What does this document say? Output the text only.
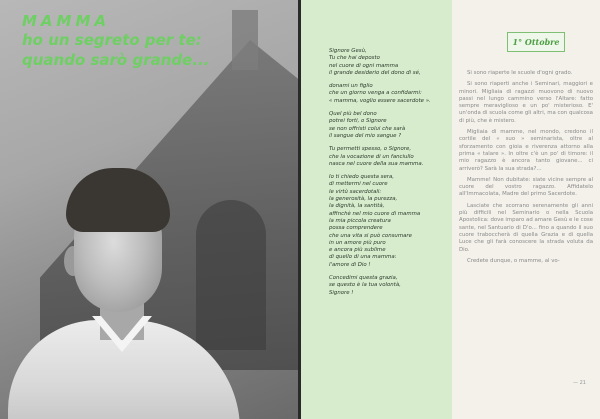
MAMMA
ho un segreto per te:
quando sarò grande...	Signore Gesù,
Tu che hai deposto
nel cuore di ogni mamma
il grande desiderio del dono di sé,

donami un figlio
che un giorno venga a confidarmi:
« mamma, voglio essere sacerdote ».

Quel più bel dono
potrei forti, o Signore
se non offristi colui che sarà
il sangue del mio sangue ?

Tu permetti spesso, o Signore,
che la vocazione di un fanciullo
nasca nel cuore della sua mamma.

Io ti chiedo questa sera,
di mettermi nel cuore
le virtù sacerdotali:
la generosità, la purezza,
la dignità, la santità,
affinchè nel mio cuore di mamma
la mia piccola creatura
possa comprendere
che una vita si può consumare
in un amore più puro
e ancora più sublime
di quello di una mamma:
l'amore di Dio !

Concedimi questa grazia,
se questo è la tua volontà,
Signore !

1° Ottobre

Si sono riaperte le scuole d'ogni grado.

Si sono riaperti anche i Seminari, maggiori e minori. Migliaia di ragazzi muovono di nuovo passi nel lungo cammino verso l'Altare: fatto sempre meraviglioso e un po' misterioso. E' un'onda di scuola come gli altri, ma con qualcosa di più, che è mistero.

Migliaia di mamme, nel mondo, credono il cortile del « suo » seminarista, oltre al sforzamento con gioia e riverenza attorno alla prima « talare ». In oltre c'è un po' di timore: il mio ragazzo è ancora tanto giovane... ci arriverò? Sarà la sua strada?...

Mamme! Non dubitate: siate vicine sempre al cuore del vostro ragazzo. Affidatelo all'Immacolata, Madre del primo Sacerdote.

Lasciate che scorrano serenamente gli anni più difficili nel Seminario o nella Scuola Apostolica: dove imparo ad amare Gesù e le cose sante, nel Santuario di D'o... fino a quando il suo cuore traboccherà di quella Grazia e di quella Luce che gli farà conoscere la strada voluta da Dio.

Credete dunque, o mamme, al vo-

— 21
